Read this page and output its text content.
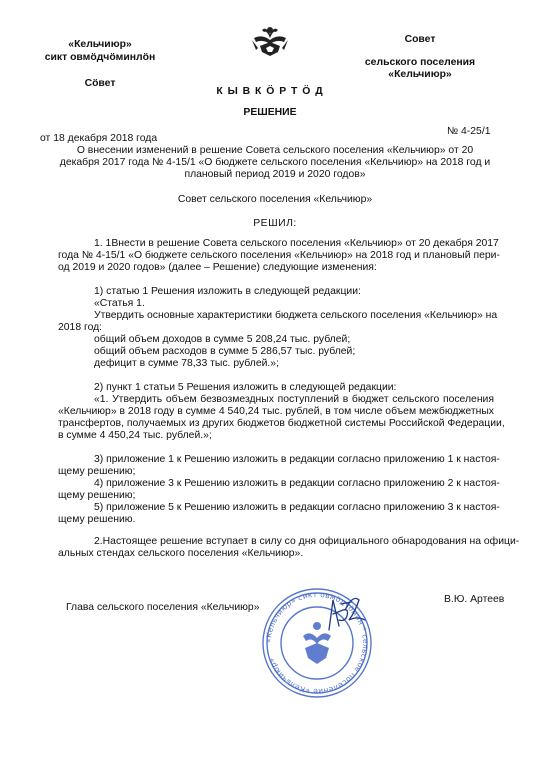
«Кельчиюр»
сикт овмӧдчӧминлӧн
Сӧвет
Совет
сельского поселения
«Кельчиюр»
К Ы В К Ӧ Р Т Ӧ Д
РЕШЕНИЕ
от 18 декабря 2018 года
№ 4-25/1
О внесении изменений в решение Совета сельского поселения «Кельчиюр» от 20
декабря 2017 года № 4-15/1 «О бюджете сельского поселения «Кельчиюр» на 2018 год и
плановый период 2019 и 2020 годов»
Совет сельского поселения «Кельчиюр»
РЕШИЛ:
1. 1Внести в решение Совета сельского поселения «Кельчиюр» от 20 декабря 2017
года № 4-15/1 «О бюджете сельского поселения «Кельчиюр» на 2018 год и плановый пери-
од 2019 и 2020 годов» (далее – Решение) следующие изменения:
1) статью 1 Решения изложить в следующей редакции:
«Статья 1.
Утвердить основные характеристики бюджета сельского поселения «Кельчиюр» на
2018 год:
общий объем доходов в сумме 5 208,24 тыс. рублей;
общий объем расходов в сумме 5 286,57 тыс. рублей;
дефицит в сумме 78,33 тыс. рублей.»;
2) пункт 1 статьи 5 Решения изложить в следующей редакции:
«1. Утвердить объем безвозмездных поступлений в бюджет сельского поселения
«Кельчиюр» в 2018 году в сумме 4 540,24 тыс. рублей, в том числе объем межбюджетных
трансфертов, получаемых из других бюджетов бюджетной системы Российской Федерации,
в сумме 4 450,24 тыс. рублей.»;
3) приложение 1 к Решению изложить в редакции согласно приложению 1 к настоя-
щему решению;
4) приложение 3 к Решению изложить в редакции согласно приложению 2 к настоя-
щему решению;
5) приложение 5 к Решению изложить в редакции согласно приложению 3 к настоя-
щему решению.
2.Настоящее решение вступает в силу со дня официального обнародования на офици-
альных стендах сельского поселения «Кельчиюр».
Глава сельского поселения «Кельчиюр»
В.Ю. Артеев
«Кельчиюр» сикт овмӧдчӧмин * сельское поселение «Кельчиюр»
